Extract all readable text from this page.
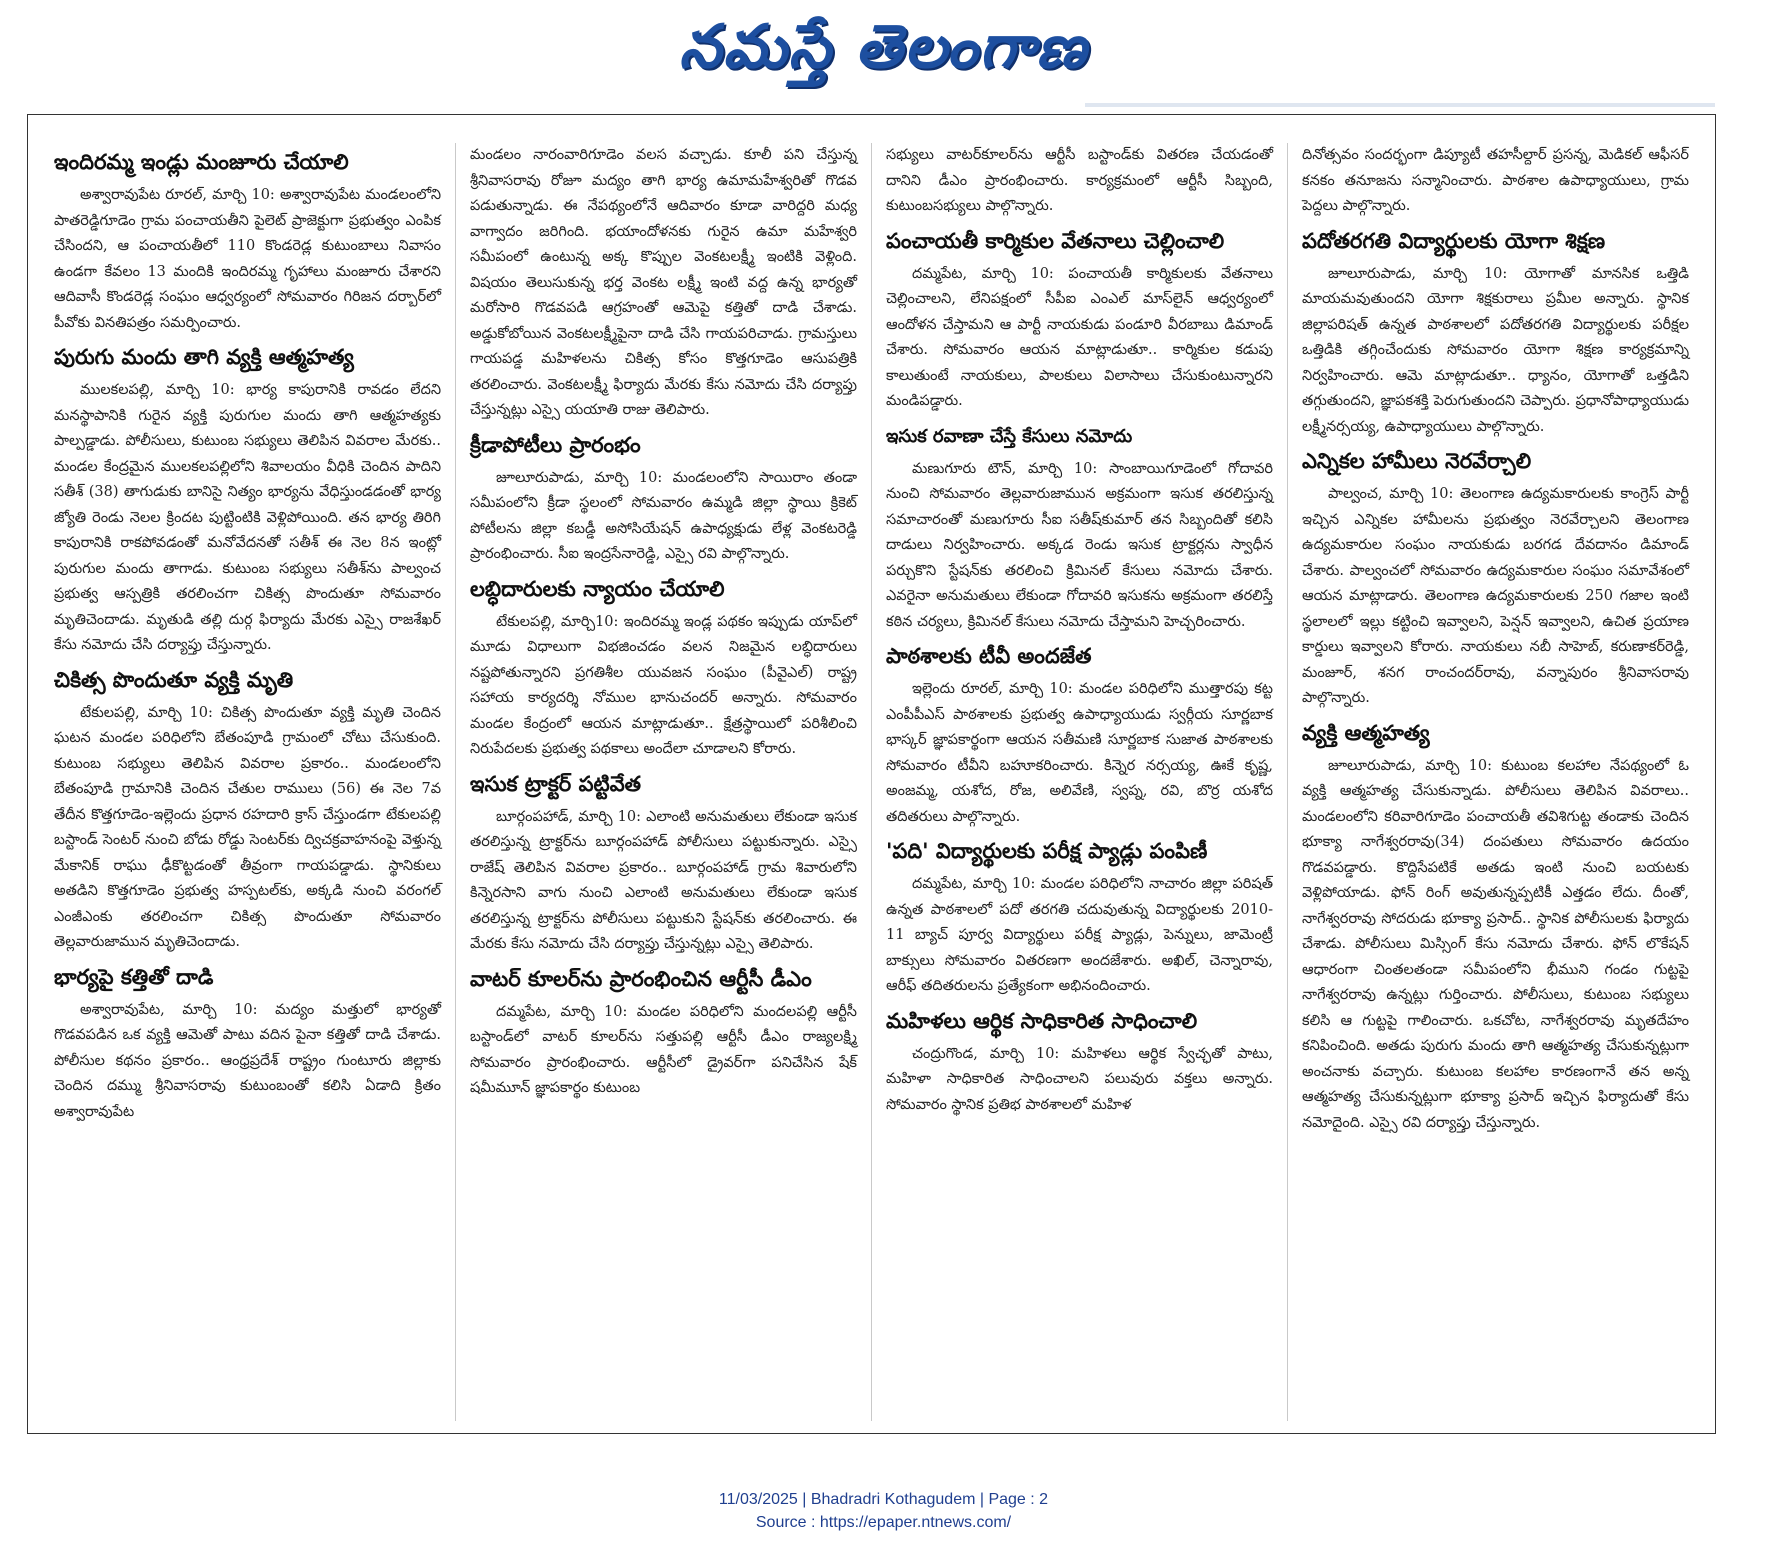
నమస్తే తెలంగాణ
ఇందిరమ్మ ఇండ్లు మంజూరు చేయాలి

అశ్వారావుపేట రూరల్, మార్చి 10: అశ్వారావుపేట మండలంలోని పాతరెడ్డిగూడెం గ్రామ పంచాయతీని పైలెట్ ప్రాజెక్టుగా ప్రభుత్వం ఎంపిక చేసిందని, ఆ పంచాయతీలో 110 కొండరెడ్ల కుటుంబాలు నివాసం ఉండగా కేవలం 13 మందికి ఇందిరమ్మ గృహాలు మంజూరు చేశారని ఆదివాసీ కొండరెడ్ల సంఘం ఆధ్వర్యంలో సోమవారం గిరిజన దర్బార్‌లో పీవోకు వినతిపత్రం సమర్పించారు.

పురుగు మందు తాగి వ్యక్తి ఆత్మహత్య

ములకలపల్లి, మార్చి 10: భార్య కాపురానికి రావడం లేదని మనస్థాపానికి గురైన వ్యక్తి పురుగుల మందు తాగి ఆత్మహత్యకు పాల్పడ్డాడు. పోలీసులు, కుటుంబ సభ్యులు తెలిపిన వివరాల మేరకు.. మండల కేంద్రమైన ములకలపల్లిలోని శివాలయం వీధికి చెందిన పాదిని సతీశ్ (38) తాగుడుకు బానిసై నిత్యం భార్యను వేధిస్తుండడంతో భార్య జ్యోతి రెండు నెలల క్రిందట పుట్టింటికి వెళ్లిపోయింది. తన భార్య తిరిగి కాపురానికి రాకపోవడంతో మనోవేదనతో సతీశ్ ఈ నెల 8న ఇంట్లో పురుగుల మందు తాగాడు. కుటుంబ సభ్యులు సతీశ్‌ను పాల్వంచ ప్రభుత్వ ఆస్పత్రికి తరలించగా చికిత్స పొందుతూ సోమవారం మృతిచెందాడు. మృతుడి తల్లి దుర్గ ఫిర్యాదు మేరకు ఎస్సై రాజశేఖర్ కేసు నమోదు చేసి దర్యాప్తు చేస్తున్నారు.

చికిత్స పొందుతూ వ్యక్తి మృతి

టేకులపల్లి, మార్చి 10: చికిత్స పొందుతూ వ్యక్తి మృతి చెందిన ఘటన మండల పరిధిలోని బేతంపూడి గ్రామంలో చోటు చేసుకుంది. కుటుంబ సభ్యులు తెలిపిన వివరాల ప్రకారం.. మండలంలోని బేతంపూడి గ్రామానికి చెందిన చేతుల రాములు (56) ఈ నెల 7వ తేదీన కొత్తగూడెం-ఇల్లెందు ప్రధాన రహదారి క్రాస్ చేస్తుండగా టేకులపల్లి బస్టాండ్ సెంటర్ నుంచి బోడు రోడ్డు సెంటర్‌కు ద్విచక్రవాహనంపై వెళ్తున్న మేకానిక్ రాఘు ఢీకొట్టడంతో తీవ్రంగా గాయపడ్డాడు. స్థానికులు అతడిని కొత్తగూడెం ప్రభుత్వ హస్పటల్‌కు, అక్కడి నుంచి వరంగల్ ఎంజీఎంకు తరలించగా చికిత్స పొందుతూ సోమవారం తెల్లవారుజామున మృతిచెందాడు.

భార్యపై కత్తితో దాడి

అశ్వారావుపేట, మార్చి 10: మద్యం మత్తులో భార్యతో గొడవపడిన ఒక వ్యక్తి ఆమెతో పాటు వదిన పైనా కత్తితో దాడి చేశాడు. పోలీసుల కథనం ప్రకారం.. ఆంధ్రప్రదేశ్ రాష్ట్రం గుంటూరు జిల్లాకు చెందిన దమ్ము శ్రీనివాసరావు కుటుంబంతో కలిసి ఏడాది క్రితం అశ్వారావుపేట

మండలం నారంవారిగూడెం వలస వచ్చాడు. కూలీ పని చేస్తున్న శ్రీనివాసరావు రోజూ మద్యం తాగి భార్య ఉమామహేశ్వరితో గొడవ పడుతున్నాడు. ఈ నేపథ్యంలోనే ఆదివారం కూడా వారిద్దరి మధ్య వాగ్వాదం జరిగింది. భయాందోళనకు గురైన ఉమా మహేశ్వరి సమీపంలో ఉంటున్న అక్క కొప్పుల వెంకటలక్ష్మీ ఇంటికి వెళ్లింది. విషయం తెలుసుకున్న భర్త వెంకట లక్ష్మీ ఇంటి వద్ద ఉన్న భార్యతో మరోసారి గొడవపడి ఆగ్రహంతో ఆమెపై కత్తితో దాడి చేశాడు. అడ్డుకోబోయిన వెంకటలక్ష్మీపైనా దాడి చేసి గాయపరిచాడు. గ్రామస్తులు గాయపడ్డ మహిళలను చికిత్స కోసం కొత్తగూడెం ఆసుపత్రికి తరలించారు. వెంకటలక్ష్మీ ఫిర్యాదు మేరకు కేసు నమోదు చేసి దర్యాప్తు చేస్తున్నట్లు ఎస్సై యయాతి రాజు తెలిపారు.

క్రీడాపోటీలు ప్రారంభం

జూలూరుపాడు, మార్చి 10: మండలంలోని సాయిరాం తండా సమీపంలోని క్రీడా స్థలంలో సోమవారం ఉమ్మడి జిల్లా స్థాయి క్రికెట్ పోటీలను జిల్లా కబడ్డీ అసోసియేషన్ ఉపాధ్యక్షుడు లేళ్ల వెంకటరెడ్డి ప్రారంభించారు. సీఐ ఇంద్రసేనారెడ్డి, ఎస్సై రవి పాల్గొన్నారు.

లబ్ధిదారులకు న్యాయం చేయాలి

టేకులపల్లి, మార్చి10: ఇందిరమ్మ ఇండ్ల పథకం ఇప్పుడు యాప్‌లో మూడు విధాలుగా విభజించడం వలన నిజమైన లబ్ధిదారులు నష్టపోతున్నారని ప్రగతిశీల యువజన సంఘం (పీవైఎల్) రాష్ట్ర సహాయ కార్యదర్శి నోముల భానుచందర్ అన్నారు. సోమవారం మండల కేంద్రంలో ఆయన మాట్లాడుతూ.. క్షేత్రస్థాయిలో పరిశీలించి నిరుపేదలకు ప్రభుత్వ పథకాలు అందేలా చూడాలని కోరారు.

ఇసుక ట్రాక్టర్ పట్టివేత

బూర్గంపహాడ్, మార్చి 10: ఎలాంటి అనుమతులు లేకుండా ఇసుక తరలిస్తున్న ట్రాక్టర్‌ను బూర్గంపహాడ్ పోలీసులు పట్టుకున్నారు. ఎస్సై రాజేష్ తెలిపిన వివరాల ప్రకారం.. బూర్గంపహాడ్ గ్రామ శివారులోని కిన్నెరసాని వాగు నుంచి ఎలాంటి అనుమతులు లేకుండా ఇసుక తరలిస్తున్న ట్రాక్టర్‌ను పోలీసులు పట్టుకుని స్టేషన్‌కు తరలించారు. ఈ మేరకు కేసు నమోదు చేసి దర్యాప్తు చేస్తున్నట్లు ఎస్సై తెలిపారు.

వాటర్ కూలర్‌ను ప్రారంభించిన ఆర్టీసీ డీఎం

దమ్మపేట, మార్చి 10: మండల పరిధిలోని మందలపల్లి ఆర్టీసీ బస్టాండ్‌లో వాటర్ కూలర్‌ను సత్తుపల్లి ఆర్టీసీ డీఎం రాజ్యలక్ష్మి సోమవారం ప్రారంభించారు. ఆర్టీసీలో డ్రైవర్‌గా పనిచేసిన షేక్ షమీమూన్ జ్ఞాపకార్థం కుటుంబ

సభ్యులు వాటర్‌కూలర్‌ను ఆర్టీసీ బస్టాండ్‌కు వితరణ చేయడంతో దానిని డీఎం ప్రారంభించారు. కార్యక్రమంలో ఆర్టీసీ సిబ్బంది, కుటుంబసభ్యులు పాల్గొన్నారు.

పంచాయతీ కార్మికుల వేతనాలు చెల్లించాలి

దమ్మపేట, మార్చి 10: పంచాయతీ కార్మికులకు వేతనాలు చెల్లించాలని, లేనిపక్షంలో సీపీఐ ఎంఎల్ మాస్‌లైన్ ఆధ్వర్యంలో ఆందోళన చేస్తామని ఆ పార్టీ నాయకుడు పండూరి వీరబాబు డిమాండ్ చేశారు. సోమవారం ఆయన మాట్లాడుతూ.. కార్మికుల కడుపు కాలుతుంటే నాయకులు, పాలకులు విలాసాలు చేసుకుంటున్నారని మండిపడ్డారు.

ఇసుక రవాణా చేస్తే కేసులు నమోదు

మణుగూరు టౌన్, మార్చి 10: సాంబాయిగూడెంలో గోదావరి నుంచి సోమవారం తెల్లవారుజామున అక్రమంగా ఇసుక తరలిస్తున్న సమాచారంతో మణుగూరు సీఐ సతీష్‌కుమార్ తన సిబ్బందితో కలిసి దాడులు నిర్వహించారు. అక్కడ రెండు ఇసుక ట్రాక్టర్లను స్వాధీన పర్చుకొని స్టేషన్‌కు తరలించి క్రిమినల్ కేసులు నమోదు చేశారు. ఎవరైనా అనుమతులు లేకుండా గోదావరి ఇసుకను అక్రమంగా తరలిస్తే కఠిన చర్యలు, క్రిమినల్ కేసులు నమోదు చేస్తామని హెచ్చరించారు.

పాఠశాలకు టీవీ అందజేత

ఇల్లెందు రూరల్, మార్చి 10: మండల పరిధిలోని ముత్తారపు కట్ట ఎంపీపీఎస్ పాఠశాలకు ప్రభుత్వ ఉపాధ్యాయుడు స్వర్గీయ సూర్ణబాక భాస్కర్ జ్ఞాపకార్థంగా ఆయన సతీమణి సూర్ణబాక సుజాత పాఠశాలకు సోమవారం టీవీని బహూకరించారు. కిన్నెర నర్సయ్య, ఊకే కృష్ణ, అంజమ్మ, యశోద, రోజ, అలివేణి, స్వప్న, రవి, బొర్ర యశోద తదితరులు పాల్గొన్నారు.

'పది' విద్యార్థులకు పరీక్ష ప్యాడ్లు పంపిణీ

దమ్మపేట, మార్చి 10: మండల పరిధిలోని నాచారం జిల్లా పరిషత్ ఉన్నత పాఠశాలలో పదో తరగతి చదువుతున్న విద్యార్థులకు 2010-11 బ్యాచ్ పూర్వ విద్యార్థులు పరీక్ష ప్యాడ్లు, పెన్నులు, జామెంట్రీ బాక్సులు సోమవారం వితరణగా అందజేశారు. అఖిల్, చెన్నారావు, ఆరీఫ్ తదితరులను ప్రత్యేకంగా అభినందించారు.

మహిళలు ఆర్థిక సాధికారిత సాధించాలి

చంద్రుగొండ, మార్చి 10: మహిళలు ఆర్థిక స్వేచ్ఛతో పాటు, మహిళా సాధికారిత సాధించాలని పలువురు వక్తలు అన్నారు. సోమవారం స్థానిక ప్రతిభ పాఠశాలలో మహిళ

దినోత్సవం సందర్భంగా డిప్యూటీ తహసీల్దార్ ప్రసన్న, మెడికల్ ఆఫీసర్ కనకం తనూజను సన్మానించారు. పాఠశాల ఉపాధ్యాయులు, గ్రామ పెద్దలు పాల్గొన్నారు.

పదోతరగతి విద్యార్థులకు యోగా శిక్షణ

జూలూరుపాడు, మార్చి 10: యోగాతో మానసిక ఒత్తిడి మాయమవుతుందని యోగా శిక్షకురాలు ప్రమీల అన్నారు. స్థానిక జిల్లాపరిషత్ ఉన్నత పాఠశాలలో పదోతరగతి విద్యార్థులకు పరీక్షల ఒత్తిడికి తగ్గించేందుకు సోమవారం యోగా శిక్షణ కార్యక్రమాన్ని నిర్వహించారు. ఆమె మాట్లాడుతూ.. ధ్యానం, యోగాతో ఒత్తడిని తగ్గుతుందని, జ్ఞాపకశక్తి పెరుగుతుందని చెప్పారు. ప్రధానోపాధ్యాయుడు లక్ష్మీనర్సయ్య, ఉపాధ్యాయులు పాల్గొన్నారు.

ఎన్నికల హామీలు నెరవేర్చాలి

పాల్వంచ, మార్చి 10: తెలంగాణ ఉద్యమకారులకు కాంగ్రెస్ పార్టీ ఇచ్చిన ఎన్నికల హామీలను ప్రభుత్వం నెరవేర్చాలని తెలంగాణ ఉద్యమకారుల సంఘం నాయకుడు బరగడ దేవదానం డిమాండ్ చేశారు. పాల్వంచలో సోమవారం ఉద్యమకారుల సంఘం సమావేశంలో ఆయన మాట్లాడారు. తెలంగాణ ఉద్యమకారులకు 250 గజాల ఇంటి స్థలాలలో ఇల్లు కట్టించి ఇవ్వాలని, పెన్షన్ ఇవ్వాలని, ఉచిత ప్రయాణ కార్డులు ఇవ్వాలని కోరారు. నాయకులు నబీ సాహెబ్, కరుణాకర్‌రెడ్డి, మంజూర్, శనగ రాంచందర్‌రావు, వన్నాపురం శ్రీనివాసరావు పాల్గొన్నారు.

వ్యక్తి ఆత్మహత్య

జూలూరుపాడు, మార్చి 10: కుటుంబ కలహాల నేపథ్యంలో ఓ వ్యక్తి ఆత్మహత్య చేసుకున్నాడు. పోలీసులు తెలిపిన వివరాలు.. మండలంలోని కరివారిగూడెం పంచాయతీ తవిశిగుట్ట తండాకు చెందిన భూక్యా నాగేశ్వరరావు(34) దంపతులు సోమవారం ఉదయం గొడవపడ్డారు. కొద్దిసేపటికే అతడు ఇంటి నుంచి బయటకు వెళ్లిపోయాడు. ఫోన్ రింగ్ అవుతున్నప్పటికీ ఎత్తడం లేదు. దీంతో, నాగేశ్వరరావు సోదరుడు భూక్యా ప్రసాద్.. స్థానిక పోలీసులకు ఫిర్యాదు చేశాడు. పోలీసులు మిస్సింగ్ కేసు నమోదు చేశారు. ఫోన్ లొకేషన్ ఆధారంగా చింతలతండా సమీపంలోని భీముని గండం గుట్టపై నాగేశ్వరరావు ఉన్నట్లు గుర్తించారు. పోలీసులు, కుటుంబ సభ్యులు కలిసి ఆ గుట్టపై గాలించారు. ఒకచోట, నాగేశ్వరరావు మృతదేహం కనిపించింది. అతడు పురుగు మందు తాగి ఆత్మహత్య చేసుకున్నట్లుగా అంచనాకు వచ్చారు. కుటుంబ కలహాల కారణంగానే తన అన్న ఆత్మహత్య చేసుకున్నట్లుగా భూక్యా ప్రసాద్ ఇచ్చిన ఫిర్యాదుతో కేసు నమోదైంది. ఎస్సై రవి దర్యాప్తు చేస్తున్నారు.

11/03/2025 | Bhadradri Kothagudem | Page : 2
Source : https://epaper.ntnews.com/
